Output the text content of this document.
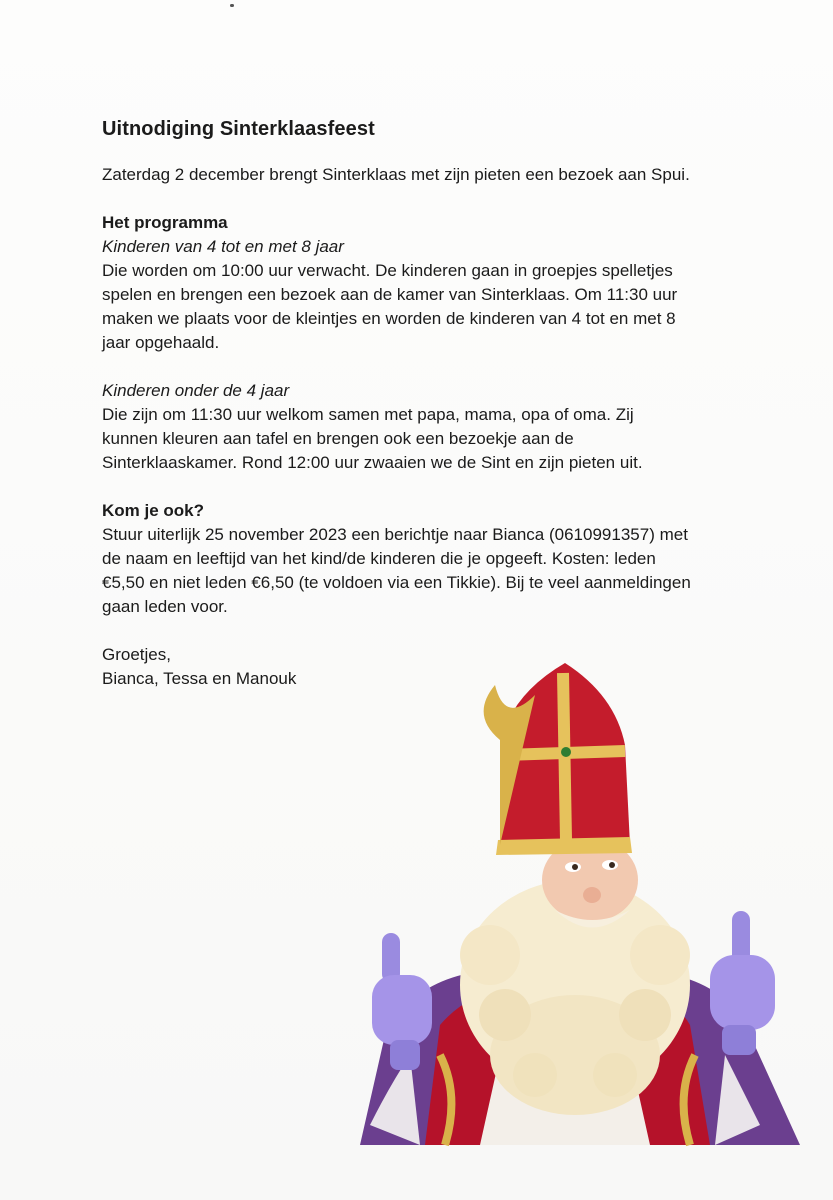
Uitnodiging Sinterklaasfeest

Zaterdag 2 december brengt Sinterklaas met zijn pieten een bezoek aan Spui.

Het programma

Kinderen van 4 tot en met 8 jaar

Die worden om 10:00 uur verwacht. De kinderen gaan in groepjes spelletjes

spelen en brengen een bezoek aan de kamer van Sinterklaas. Om 11:30 uur

maken we plaats voor de kleintjes en worden de kinderen van 4 tot en met 8

jaar opgehaald.

Kinderen onder de 4 jaar

Die zijn om 11:30 uur welkom samen met papa, mama, opa of oma. Zij

kunnen kleuren aan tafel en brengen ook een bezoekje aan de

Sinterklaaskamer. Rond 12:00 uur zwaaien we de Sint en zijn pieten uit.

Kom je ook?

Stuur uiterlijk 25 november 2023 een berichtje naar Bianca (0610991357) met

de naam en leeftijd van het kind/de kinderen die je opgeeft. Kosten: leden

€5,50 en niet leden €6,50 (te voldoen via een Tikkie). Bij te veel aanmeldingen

gaan leden voor.

Groetjes,

Bianca, Tessa en Manouk
